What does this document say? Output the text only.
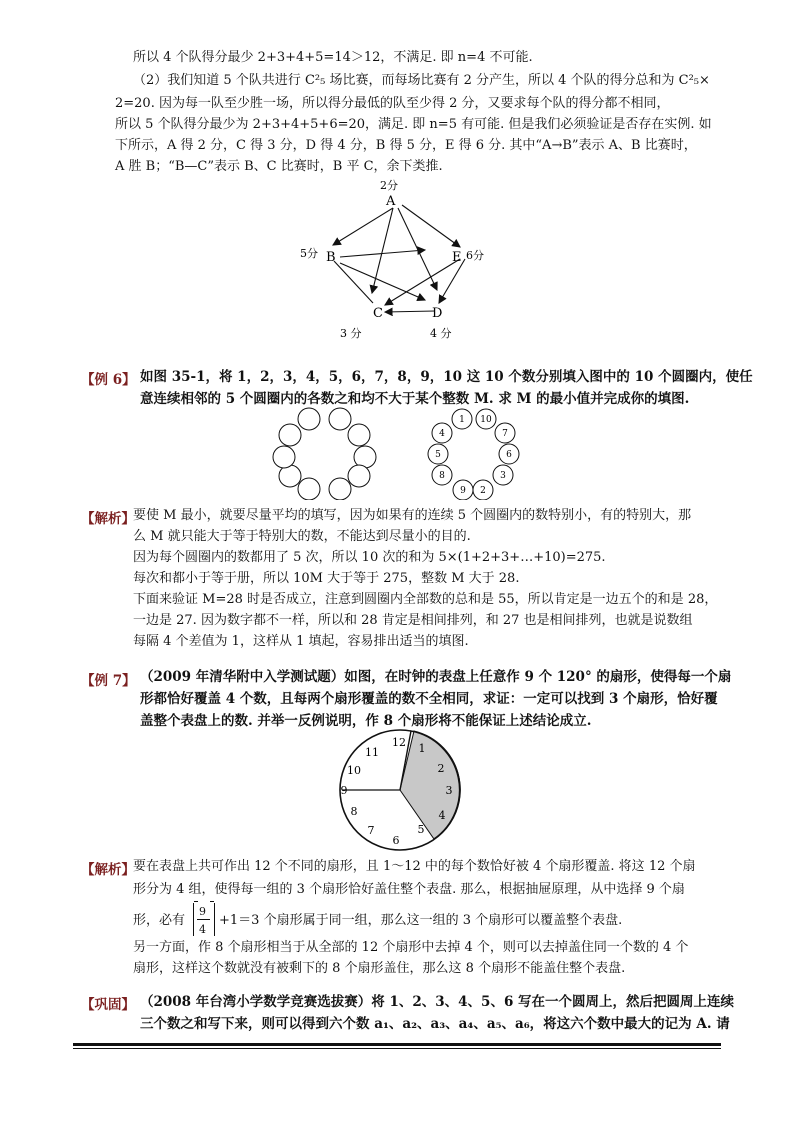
所以 4 个队得分最少 2+3+4+5=14＞12，不满足. 即 n=4 不可能.

（2）我们知道 5 个队共进行 C²₅ 场比赛，而每场比赛有 2 分产生，所以 4 个队的得分总和为 C²₅×

2=20. 因为每一队至少胜一场，所以得分最低的队至少得 2 分，又要求每个队的得分都不相同，

所以 5 个队得分最少为 2+3+4+5+6=20，满足. 即 n=5 有可能. 但是我们必须验证是否存在实例. 如

下所示，A 得 2 分，C 得 3 分，D 得 4 分，B 得 5 分，E 得 6 分. 其中“A→B”表示 A、B 比赛时，

A 胜 B；“B—C”表示 B、C 比赛时，B 平 C，余下类推.

A
2分
B
5分	E 6分
C
3 分
D
4 分
【例 6】 如图 35-1，将 1，2，3，4，5，6，7，8，9，10 这 10 个数分别填入图中的 10 个圆圈内，使任

意连续相邻的 5 个圆圈内的各数之和均不大于某个整数 M. 求 M 的最小值并完成你的填图.

1 10
7
6
3
2
9
8
5
4
【解析】

要使 M 最小，就要尽量平均的填写，因为如果有的连续 5 个圆圈内的数特别小，有的特别大，那

么 M 就只能大于等于特别大的数，不能达到尽量小的目的.

因为每个圆圈内的数都用了 5 次，所以 10 次的和为 5×(1+2+3+…+10)=275.

每次和都小于等于册，所以 10M 大于等于 275，整数 M 大于 28.

下面来验证 M=28 时是否成立，注意到圆圈内全部数的总和是 55，所以肯定是一边五个的和是 28，

一边是 27. 因为数字都不一样，所以和 28 肯定是相间排列，和 27 也是相间排列，也就是说数组

每隔 4 个差值为 1，这样从 1 填起，容易排出适当的填图.

【例 7】 （2009 年清华附中入学测试题）如图，在时钟的表盘上任意作 9 个 120° 的扇形，使得每一个扇

形都恰好覆盖 4 个数，且每两个扇形覆盖的数不全相同，求证：一定可以找到 3 个扇形，恰好覆

盖整个表盘上的数. 并举一反例说明，作 8 个扇形将不能保证上述结论成立.

12 1
2
3
4
5
6
7
8
9
10
11
【解析】

要在表盘上共可作出 12 个不同的扇形，且 1～12 中的每个数恰好被 4 个扇形覆盖. 将这 12 个扇

形分为 4 组，使得每一组的 3 个扇形恰好盖住整个表盘. 那么，根据抽屉原理，从中选择 9 个扇

形，必有
9
4
+1＝3 个扇形属于同一组，那么这一组的 3 个扇形可以覆盖整个表盘.

另一方面，作 8 个扇形相当于从全部的 12 个扇形中去掉 4 个，则可以去掉盖住同一个数的 4 个

扇形，这样这个数就没有被剩下的 8 个扇形盖住，那么这 8 个扇形不能盖住整个表盘.

【巩固】 （2008 年台湾小学数学竞赛选拔赛）将 1、2、3、4、5、6 写在一个圆周上，然后把圆周上连续

三个数之和写下来，则可以得到六个数 a₁、a₂、a₃、a₄、a₅、a₆，将这六个数中最大的记为 A. 请
